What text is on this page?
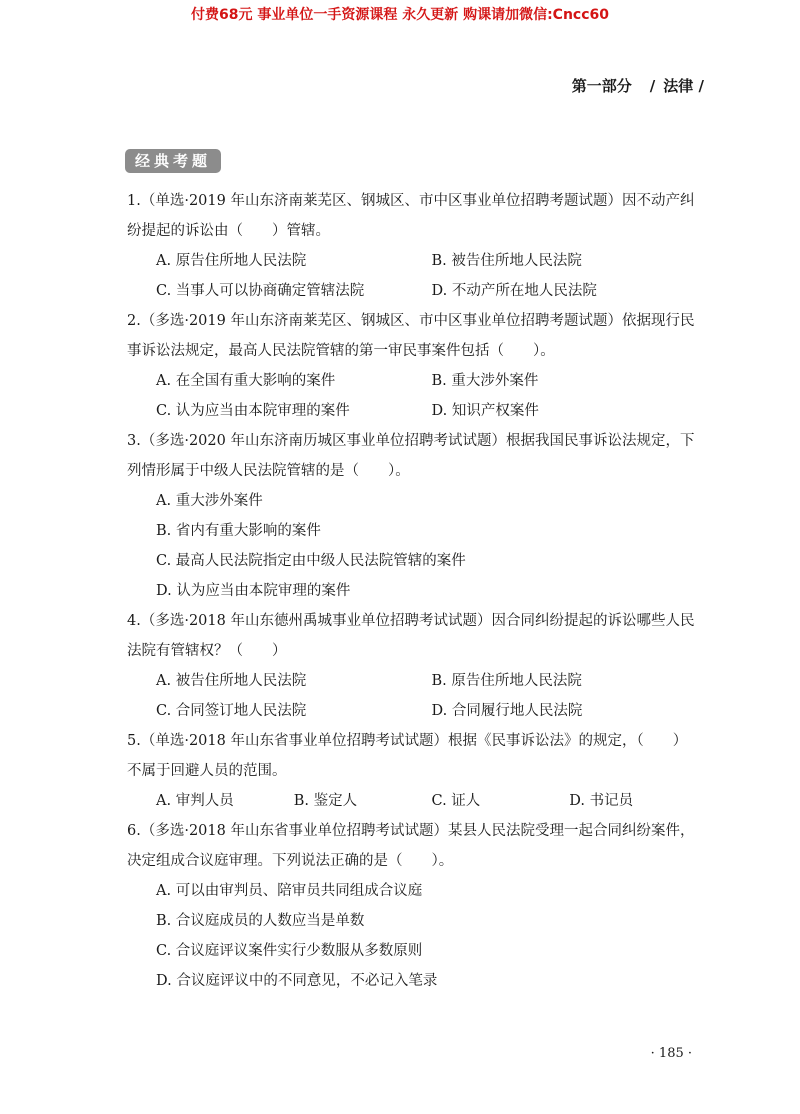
付费68元 事业单位一手资源课程 永久更新 购课请加微信:Cncc60
第一部分 / 法律 /
经典考题
1.（单选·2019 年山东济南莱芜区、钢城区、市中区事业单位招聘考题试题）因不动产纠
纷提起的诉讼由（　　）管辖。
A. 原告住所地人民法院	B. 被告住所地人民法院
C. 当事人可以协商确定管辖法院	D. 不动产所在地人民法院
2.（多选·2019 年山东济南莱芜区、钢城区、市中区事业单位招聘考题试题）依据现行民
事诉讼法规定，最高人民法院管辖的第一审民事案件包括（　　）。
A. 在全国有重大影响的案件	B. 重大涉外案件
C. 认为应当由本院审理的案件	D. 知识产权案件
3.（多选·2020 年山东济南历城区事业单位招聘考试试题）根据我国民事诉讼法规定，下
列情形属于中级人民法院管辖的是（　　）。
A. 重大涉外案件
B. 省内有重大影响的案件
C. 最高人民法院指定由中级人民法院管辖的案件
D. 认为应当由本院审理的案件
4.（多选·2018 年山东德州禹城事业单位招聘考试试题）因合同纠纷提起的诉讼哪些人民
法院有管辖权？（　　）
A. 被告住所地人民法院	B. 原告住所地人民法院
C. 合同签订地人民法院	D. 合同履行地人民法院
5.（单选·2018 年山东省事业单位招聘考试试题）根据《民事诉讼法》的规定，（　　）
不属于回避人员的范围。
A. 审判人员	B. 鉴定人	C. 证人	D. 书记员
6.（多选·2018 年山东省事业单位招聘考试试题）某县人民法院受理一起合同纠纷案件，
决定组成合议庭审理。下列说法正确的是（　　）。
A. 可以由审判员、陪审员共同组成合议庭
B. 合议庭成员的人数应当是单数
C. 合议庭评议案件实行少数服从多数原则
D. 合议庭评议中的不同意见，不必记入笔录
· 185 ·
